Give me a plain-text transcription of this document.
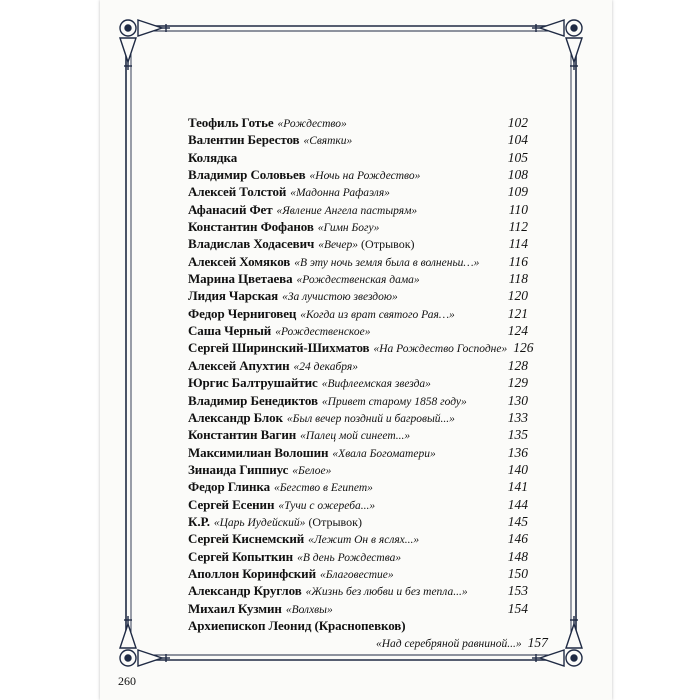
Теофиль Готье «Рождество»	102
Валентин Берестов «Святки»	104
Колядка	105
Владимир Соловьев «Ночь на Рождество»	108
Алексей Толстой «Мадонна Рафаэля»	109
Афанасий Фет «Явление Ангела пастырям»	110
Константин Фофанов «Гимн Богу»	112
Владислав Ходасевич «Вечер» (Отрывок)	114
Алексей Хомяков «В эту ночь земля была в волненьи…»	116
Марина Цветаева «Рождественская дама»	118
Лидия Чарская «За лучистою звездою»	120
Федор Черниговец «Когда из врат святого Рая…»	121
Саша Черный «Рождественское»	124
Сергей Ширинский-Шихматов «На Рождество Господне» 126
Алексей Апухтин «24 декабря»	128
Юргис Балтрушайтис «Вифлеемская звезда»	129
Владимир Бенедиктов «Привет старому 1858 году»	130
Александр Блок «Был вечер поздний и багровый...»	133
Константин Вагин «Палец мой синеет...»	135
Максимилиан Волошин «Хвала Богоматери»	136
Зинаида Гиппиус «Белое»	140
Федор Глинка «Бегство в Египет»	141
Сергей Есенин «Тучи с ожереба...»	144
К.Р. «Царь Иудейский» (Отрывок)	145
Сергей Киснемский «Лежит Он в яслях...»	146
Сергей Копыткин «В день Рождества»	148
Аполлон Коринфский «Благовестие»	150
Александр Круглов «Жизнь без любви и без тепла...»	153
Михаил Кузмин «Волхвы»	154
Архиепископ Леонид (Краснопевков)
«Над серебряной равниной...» 157
260
